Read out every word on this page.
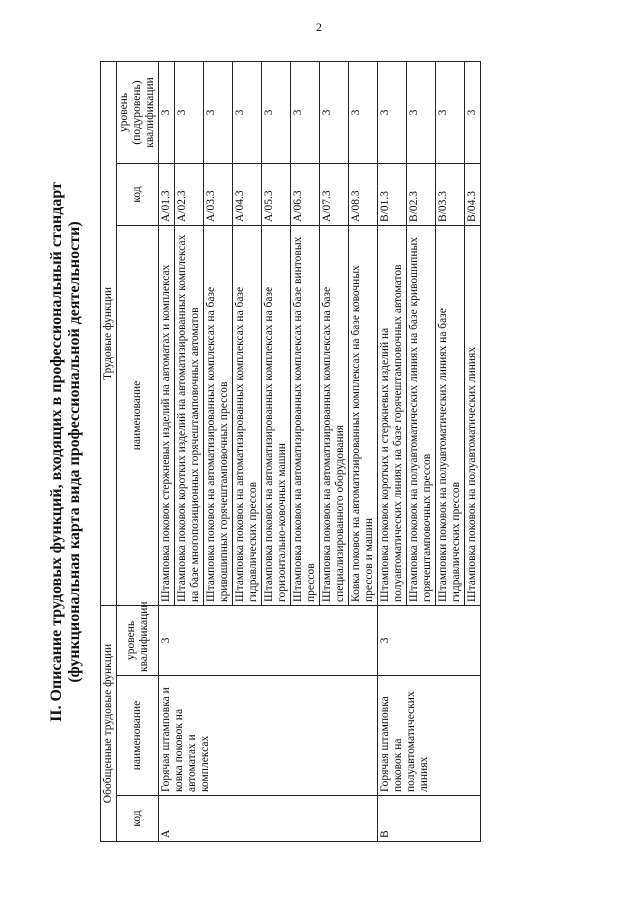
2
II. Описание трудовых функций, входящих в профессиональный стандарт (функциональная карта вида профессиональной деятельности)
Обобщенные трудовые функции			Трудовые функции		
код	наименование	уровень квалификации	наименование	код	уровень (подуровень) квалификации
A	Горячая штамповка и ковка поковок на автоматах и комплексах	3	Штамповка поковок стержневых изделий на автоматах и комплексах	A/01.3	3
			Штамповка поковок коротких изделий на автоматизированных комплексах на базе многопозиционных горячештамповочных автоматов	A/02.3	3
			Штамповка поковок на автоматизированных комплексах на базе кривошипных горячештамповочных прессов	A/03.3	3
			Штамповка поковок на автоматизированных комплексах на базе гидравлических прессов	A/04.3	3
			Штамповка поковок на автоматизированных комплексах на базе горизонтально-ковочных машин	A/05.3	3
			Штамповка поковок на автоматизированных комплексах на базе винтовых прессов	A/06.3	3
			Штамповка поковок на автоматизированных комплексах на базе специализированного оборудования	A/07.3	3
			Ковка поковок на автоматизированных комплексах на базе ковочных прессов и машин	A/08.3	3
B	Горячая штамповка поковок на полуавтоматических линиях	3	Штамповка поковок коротких и стержневых изделий на полуавтоматических линиях на базе горячештамповочных автоматов	B/01.3	3
			Штамповка поковок на полуавтоматических линиях на базе кривошипных горячештамповочных прессов	B/02.3	3
			Штамповки поковок на полуавтоматических линиях на базе гидравлических прессов	B/03.3	3
			Штамповка поковок на полуавтоматических линиях	B/04.3	3
